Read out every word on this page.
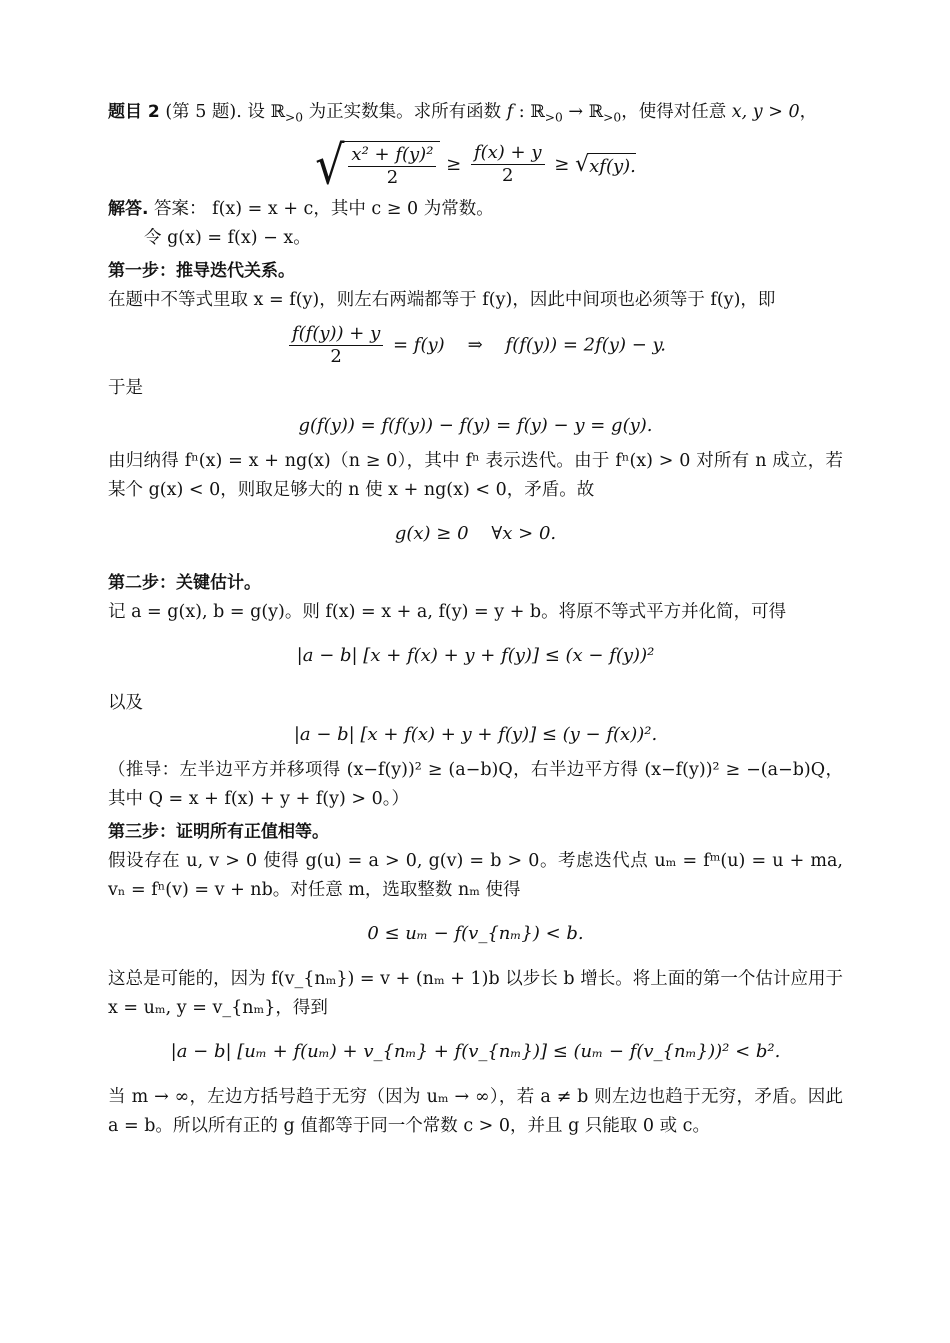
题目 2 (第 5 题). 设 ℝ$_{>0}$ 为正实数集。求所有函数 f : ℝ$_{>0}$ → ℝ$_{>0}$，使得对任意 x, y > 0，

√ $\frac{\text{x² + f(y)²}}{2} \ge \frac{f(x) + y}{2} \ge √xf(y)$.

解答. 答案： f(x) = x + c，其中 c ≥ 0 为常数。

令 g(x) = f(x) − x。

第一步：推导迭代关系。

在题中不等式里取 x = f(y)，则左右两端都等于 f(y)，因此中间项也必须等于 f(y)，即

$\frac{f(f(y)) + y}{2} = f(y)$    ⇒    f(f(y)) = 2f(y) − y.

于是

g(f(y)) = f(f(y)) − f(y) = f(y) − y = g(y).

由归纳得 fⁿ(x) = x + ng(x)（n ≥ 0），其中 fⁿ 表示迭代。由于 fⁿ(x) > 0 对所有 n 成立，若某个 g(x) < 0，则取足够大的 n 使 x + ng(x) < 0，矛盾。故

g(x) ≥ 0    ∀x > 0.

第二步：关键估计。

记 a = g(x), b = g(y)。则 f(x) = x + a, f(y) = y + b。将原不等式平方并化简，可得

|a − b| [x + f(x) + y + f(y)] ≤ (x − f(y))²

以及

|a − b| [x + f(x) + y + f(y)] ≤ (y − f(x))².

（推导：左半边平方并移项得 (x−f(y))² ≥ (a−b)Q，右半边平方得 (x−f(y))² ≥ −(a−b)Q，其中 Q = x + f(x) + y + f(y) > 0。）

第三步：证明所有正值相等。

假设存在 u, v > 0 使得 g(u) = a > 0, g(v) = b > 0。考虑迭代点 uₘ = fᵐ(u) = u + ma, vₙ = fⁿ(v) = v + nb。对任意 m，选取整数 nₘ 使得

0 ≤ uₘ − f(v_{nₘ}) < b.

这总是可能的，因为 f(v_{nₘ}) = v + (nₘ + 1)b 以步长 b 增长。将上面的第一个估计应用于 x = uₘ, y = v_{nₘ}，得到

|a − b| [uₘ + f(uₘ) + v_{nₘ} + f(v_{nₘ})] ≤ (uₘ − f(v_{nₘ}))² < b².

当 m → ∞，左边方括号趋于无穷（因为 uₘ → ∞），若 a ≠ b 则左边也趋于无穷，矛盾。因此 a = b。所以所有正的 g 值都等于同一个常数 c > 0，并且 g 只能取 0 或 c。
